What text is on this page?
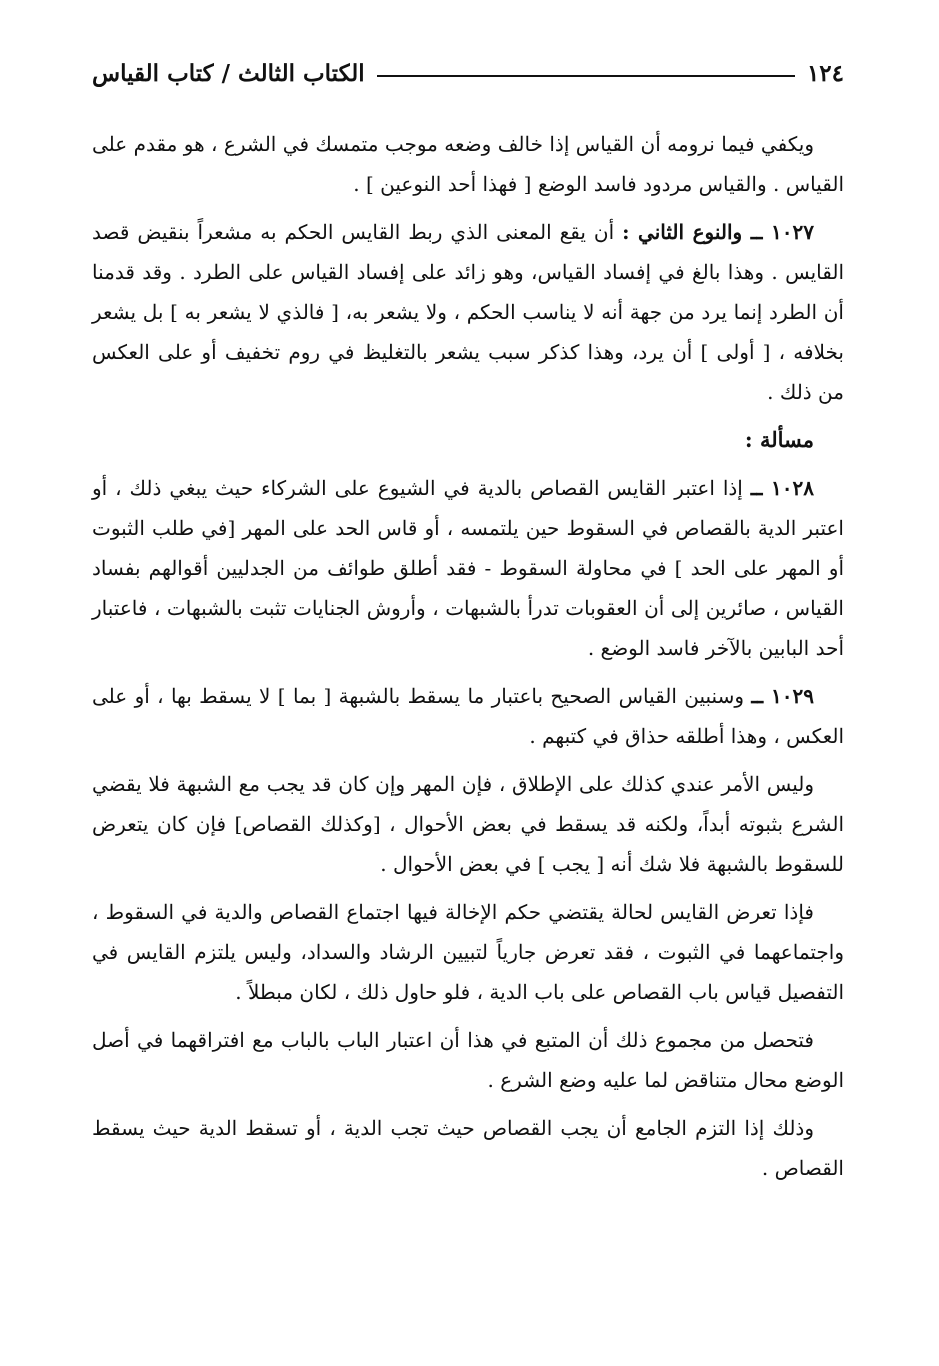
١٢٤
الكتاب الثالث / كتاب القياس

ويكفي فيما نرومه أن القياس إذا خالف وضعه موجب متمسك في الشرع ، هو مقدم على القياس . والقياس مردود فاسد الوضع [ فهذا أحد النوعين ] .

١٠٢٧ ــ والنوع الثاني : أن يقع المعنى الذي ربط القايس الحكم به مشعراً بنقيض قصد القايس . وهذا بالغ في إفساد القياس، وهو زائد على إفساد القياس على الطرد . وقد قدمنا أن الطرد إنما يرد من جهة أنه لا يناسب الحكم ، ولا يشعر به، [ فالذي لا يشعر به ] بل يشعر بخلافه ، [ أولى ] أن يرد، وهذا كذكر سبب يشعر بالتغليظ في روم تخفيف أو على العكس من ذلك .

مسألة :

١٠٢٨ ــ إذا اعتبر القايس القصاص بالدية في الشيوع على الشركاء حيث يبغي ذلك ، أو اعتبر الدية بالقصاص في السقوط حين يلتمسه ، أو قاس الحد على المهر [في طلب الثبوت أو المهر على الحد ] في محاولة السقوط - فقد أطلق طوائف من الجدليين أقوالهم بفساد القياس ، صائرين إلى أن العقوبات تدرأ بالشبهات ، وأروش الجنايات تثبت بالشبهات ، فاعتبار أحد البابين بالآخر فاسد الوضع .

١٠٢٩ ــ وسنبين القياس الصحيح باعتبار ما يسقط بالشبهة [ بما ] لا يسقط بها ، أو على العكس ، وهذا أطلقه حذاق في كتبهم .

وليس الأمر عندي كذلك على الإطلاق ، فإن المهر وإن كان قد يجب مع الشبهة فلا يقضي الشرع بثبوته أبداً، ولكنه قد يسقط في بعض الأحوال ، [وكذلك القصاص] فإن كان يتعرض للسقوط بالشبهة فلا شك أنه [ يجب ] في بعض الأحوال .

فإذا تعرض القايس لحالة يقتضي حكم الإخالة فيها اجتماع القصاص والدية في السقوط ، واجتماعهما في الثبوت ، فقد تعرض جارياً لتبيين الرشاد والسداد، وليس يلتزم القايس في التفصيل قياس باب القصاص على باب الدية ، فلو حاول ذلك ، لكان مبطلاً .

فتحصل من مجموع ذلك أن المتبع في هذا أن اعتبار الباب بالباب مع افتراقهما في أصل الوضع محال متناقض لما عليه وضع الشرع .

وذلك إذا التزم الجامع أن يجب القصاص حيث تجب الدية ، أو تسقط الدية حيث يسقط القصاص .
